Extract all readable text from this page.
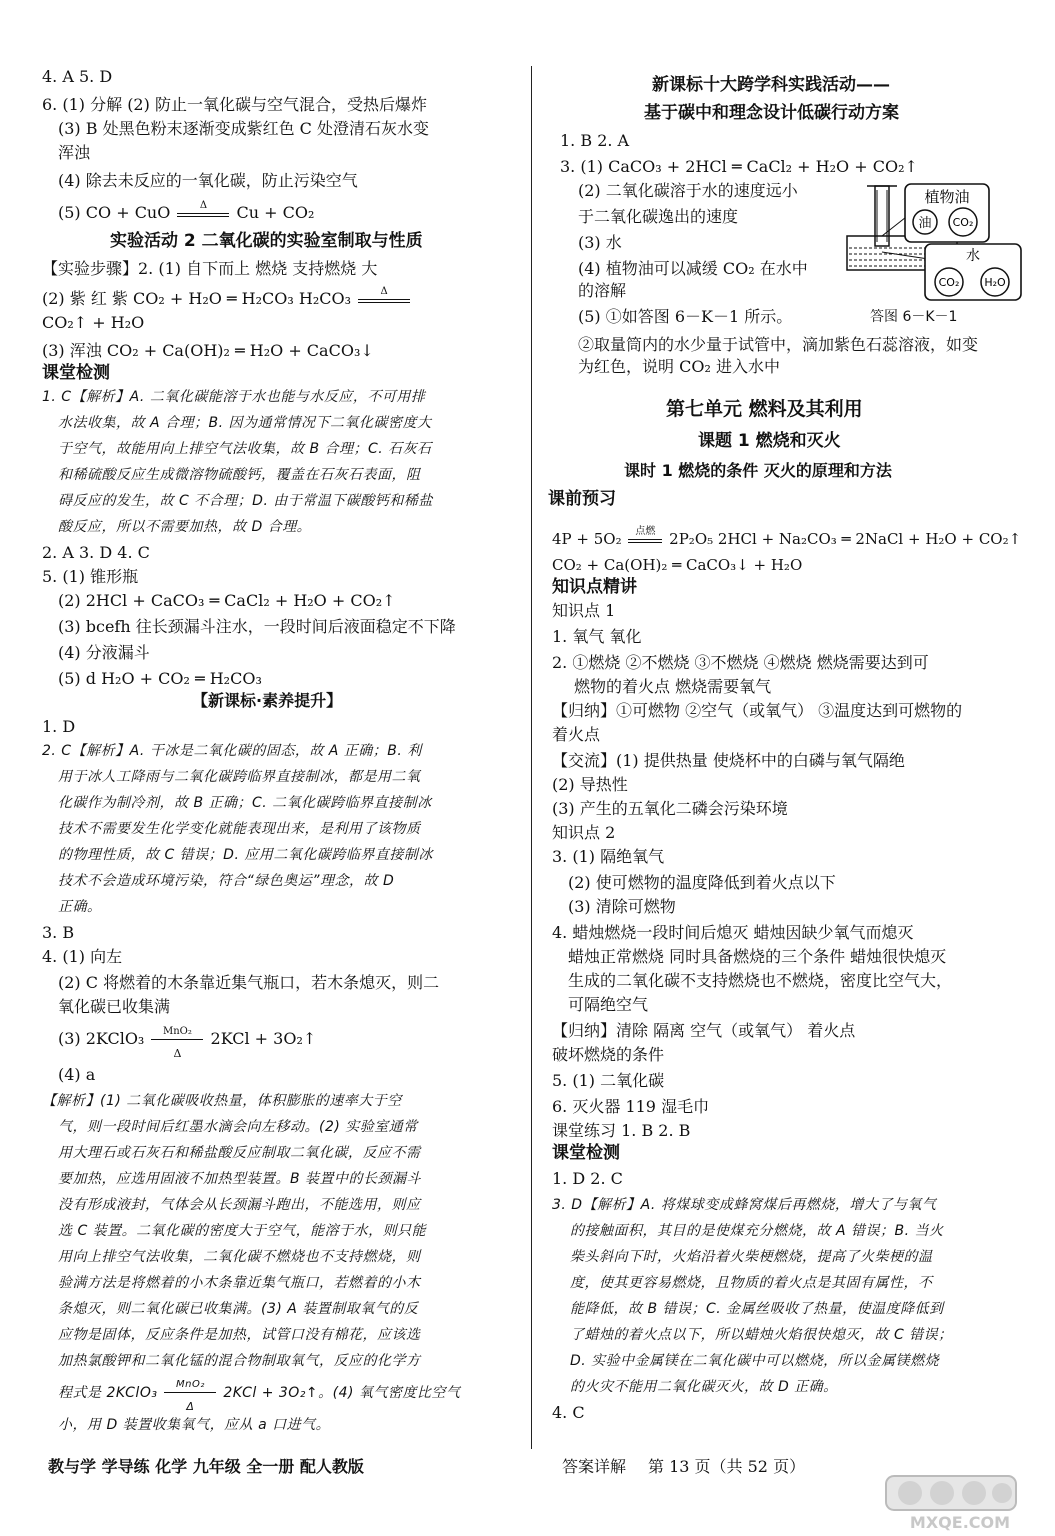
4. A 5. D
6. (1) 分解 (2) 防止一氧化碳与空气混合，受热后爆炸
(3) B 处黑色粉末逐渐变成紫红色 C 处澄清石灰水变
浑浊
(4) 除去未反应的一氧化碳，防止污染空气
(5) CO + CuO	Δ	Cu + CO₂
实验活动 2 二氧化碳的实验室制取与性质
【实验步骤】2. (1) 自下而上 燃烧 支持燃烧 大
(2) 紫 红 紫 CO₂ + H₂O ═ H₂CO₃ H₂CO₃	Δ
CO₂↑ + H₂O
(3) 浑浊 CO₂ + Ca(OH)₂ ═ H₂O + CaCO₃↓
课堂检测
1. C【解析】A. 二氧化碳能溶于水也能与水反应，不可用排
水法收集，故 A 合理；B. 因为通常情况下二氧化碳密度大
于空气，故能用向上排空气法收集，故 B 合理；C. 石灰石
和稀硫酸反应生成微溶物硫酸钙，覆盖在石灰石表面，阻
碍反应的发生，故 C 不合理；D. 由于常温下碳酸钙和稀盐
酸反应，所以不需要加热，故 D 合理。
2. A 3. D 4. C
5. (1) 锥形瓶
(2) 2HCl + CaCO₃ ═ CaCl₂ + H₂O + CO₂↑
(3) bcefh 往长颈漏斗注水，一段时间后液面稳定不下降
(4) 分液漏斗
(5) d H₂O + CO₂ ═ H₂CO₃
【新课标·素养提升】
1. D
2. C【解析】A. 干冰是二氧化碳的固态，故 A 正确；B. 利
用于冰人工降雨与二氧化碳跨临界直接制冰，都是用二氧
化碳作为制冷剂，故 B 正确；C. 二氧化碳跨临界直接制冰
技术不需要发生化学变化就能表现出来，是利用了该物质
的物理性质，故 C 错误；D. 应用二氧化碳跨临界直接制冰
技术不会造成环境污染，符合“绿色奥运”理念，故 D
正确。
3. B
4. (1) 向左
(2) C 将燃着的木条靠近集气瓶口，若木条熄灭，则二
氧化碳已收集满
(3) 2KClO₃ $\frac{\text{MnO₂}}{\Delta} 2KCl$ + 3O₂↑
(4) a
【解析】(1) 二氧化碳吸收热量，体积膨胀的速率大于空
气，则一段时间后红墨水滴会向左移动。(2) 实验室通常
用大理石或石灰石和稀盐酸反应制取二氧化碳，反应不需
要加热，应选用固液不加热型装置。B 装置中的长颈漏斗
没有形成液封，气体会从长颈漏斗跑出，不能选用，则应
选 C 装置。二氧化碳的密度大于空气，能溶于水，则只能
用向上排空气法收集，二氧化碳不燃烧也不支持燃烧，则
验满方法是将燃着的小木条靠近集气瓶口，若燃着的小木
条熄灭，则二氧化碳已收集满。(3) A 装置制取氧气的反
应物是固体，反应条件是加热，试管口没有棉花，应该选
加热氯酸钾和二氧化锰的混合物制取氧气，反应的化学方
程式是 2KClO₃ $\frac{\text{MnO₂}}{\Delta} 2KCl$ + 3O₂↑。(4) 氧气密度比空气
小，用 D 装置收集氧气，应从 a 口进气。
新课标十大跨学科实践活动——
基于碳中和理念设计低碳行动方案
1. B 2. A
3. (1) CaCO₃ + 2HCl ═ CaCl₂ + H₂O + CO₂↑
(2) 二氧化碳溶于水的速度远小
于二氧化碳逸出的速度
(3) 水
(4) 植物油可以减缓 CO₂ 在水中
的溶解
(5) ①如答图 6－K－1 所示。	答图 6－K－1
②取量筒内的水少量于试管中，滴加紫色石蕊溶液，如变
为红色，说明 CO₂ 进入水中
第七单元 燃料及其利用
课题 1 燃烧和灭火
课时 1 燃烧的条件 灭火的原理和方法
课前预习
4P + 5O₂	点燃 2P₂O₅ 2HCl + Na₂CO₃ ═ 2NaCl + H₂O + CO₂↑
CO₂ + Ca(OH)₂ ═ CaCO₃↓ + H₂O
知识点精讲
知识点 1
1. 氧气 氧化
2. ①燃烧 ②不燃烧 ③不燃烧 ④燃烧 燃烧需要达到可
燃物的着火点 燃烧需要氧气
【归纳】①可燃物 ②空气（或氧气） ③温度达到可燃物的
着火点
【交流】(1) 提供热量 使烧杯中的白磷与氧气隔绝
(2) 导热性
(3) 产生的五氧化二磷会污染环境
知识点 2
3. (1) 隔绝氧气
(2) 使可燃物的温度降低到着火点以下
(3) 清除可燃物
4. 蜡烛燃烧一段时间后熄灭 蜡烛因缺少氧气而熄灭
蜡烛正常燃烧 同时具备燃烧的三个条件 蜡烛很快熄灭
生成的二氧化碳不支持燃烧也不燃烧，密度比空气大，
可隔绝空气
【归纳】清除 隔离 空气（或氧气） 着火点
破坏燃烧的条件
5. (1) 二氧化碳
6. 灭火器 119 湿毛巾
课堂练习 1. B 2. B
课堂检测
1. D 2. C
3. D【解析】A. 将煤球变成蜂窝煤后再燃烧，增大了与氧气
的接触面积，其目的是使煤充分燃烧，故 A 错误；B. 当火
柴头斜向下时，火焰沿着火柴梗燃烧，提高了火柴梗的温
度，使其更容易燃烧，且物质的着火点是其固有属性，不
能降低，故 B 错误；C. 金属丝吸收了热量，使温度降低到
了蜡烛的着火点以下，所以蜡烛火焰很快熄灭，故 C 错误；
D. 实验中金属镁在二氧化碳中可以燃烧，所以金属镁燃烧
的火灾不能用二氧化碳灭火，故 D 正确。
4. C
植物油
油 CO₂
水
CO₂ H₂O
教与学 学导练 化学 九年级 全一册 配人教版	答案详解 第 13 页（共 52 页）
MXQE.COM
